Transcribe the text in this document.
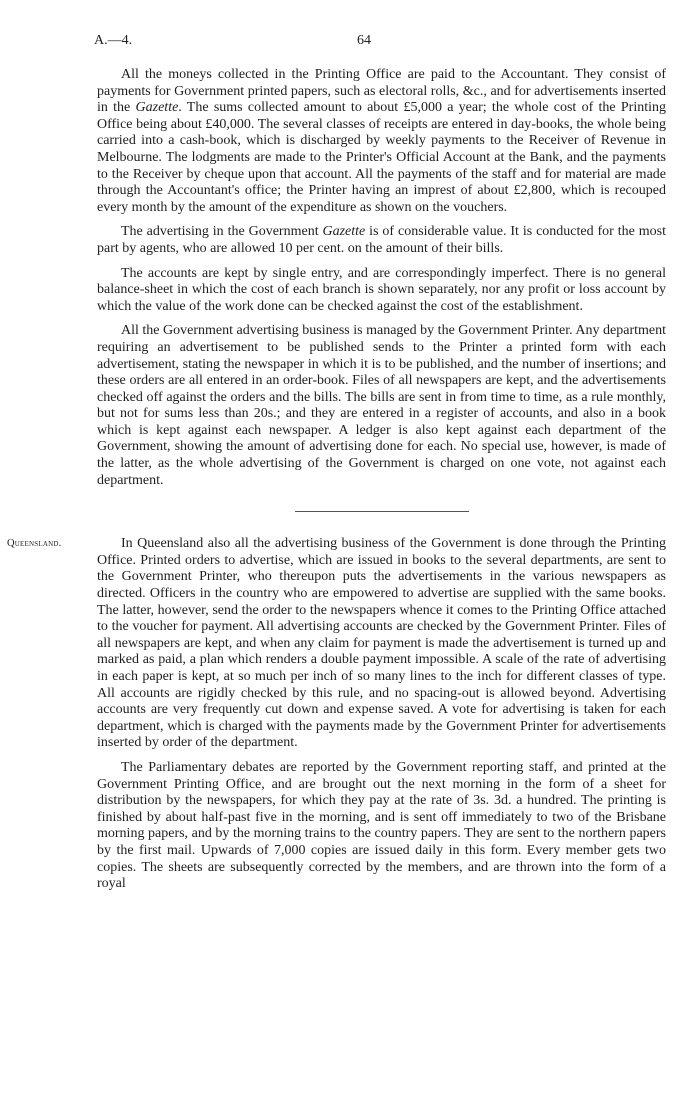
A.—4.	64

All the moneys collected in the Printing Office are paid to the Accountant. They consist of payments for Government printed papers, such as electoral rolls, &c., and for advertisements inserted in the Gazette. The sums collected amount to about £5,000 a year; the whole cost of the Printing Office being about £40,000. The several classes of receipts are entered in day-books, the whole being carried into a cash-book, which is discharged by weekly payments to the Receiver of Revenue in Melbourne. The lodgments are made to the Printer's Official Account at the Bank, and the payments to the Receiver by cheque upon that account. All the payments of the staff and for material are made through the Accountant's office; the Printer having an imprest of about £2,800, which is recouped every month by the amount of the expenditure as shown on the vouchers.

The advertising in the Government Gazette is of considerable value. It is conducted for the most part by agents, who are allowed 10 per cent. on the amount of their bills.

The accounts are kept by single entry, and are correspondingly imperfect. There is no general balance-sheet in which the cost of each branch is shown separately, nor any profit or loss account by which the value of the work done can be checked against the cost of the establishment.

All the Government advertising business is managed by the Government Printer. Any department requiring an advertisement to be published sends to the Printer a printed form with each advertisement, stating the newspaper in which it is to be published, and the number of insertions; and these orders are all entered in an order-book. Files of all newspapers are kept, and the advertisements checked off against the orders and the bills. The bills are sent in from time to time, as a rule monthly, but not for sums less than 20s.; and they are entered in a register of accounts, and also in a book which is kept against each newspaper. A ledger is also kept against each department of the Government, showing the amount of advertising done for each. No special use, however, is made of the latter, as the whole advertising of the Government is charged on one vote, not against each department.

Queensland.	In Queensland also all the advertising business of the Government is done through the Printing Office. Printed orders to advertise, which are issued in books to the several departments, are sent to the Government Printer, who thereupon puts the advertisements in the various newspapers as directed. Officers in the country who are empowered to advertise are supplied with the same books. The latter, however, send the order to the newspapers whence it comes to the Printing Office attached to the voucher for payment. All advertising accounts are checked by the Government Printer. Files of all newspapers are kept, and when any claim for payment is made the advertisement is turned up and marked as paid, a plan which renders a double payment impossible. A scale of the rate of advertising in each paper is kept, at so much per inch of so many lines to the inch for different classes of type. All accounts are rigidly checked by this rule, and no spacing-out is allowed beyond. Advertising accounts are very frequently cut down and expense saved. A vote for advertising is taken for each department, which is charged with the payments made by the Government Printer for advertisements inserted by order of the department.

The Parliamentary debates are reported by the Government reporting staff, and printed at the Government Printing Office, and are brought out the next morning in the form of a sheet for distribution by the newspapers, for which they pay at the rate of 3s. 3d. a hundred. The printing is finished by about half-past five in the morning, and is sent off immediately to two of the Brisbane morning papers, and by the morning trains to the country papers. They are sent to the northern papers by the first mail. Upwards of 7,000 copies are issued daily in this form. Every member gets two copies. The sheets are subsequently corrected by the members, and are thrown into the form of a royal
